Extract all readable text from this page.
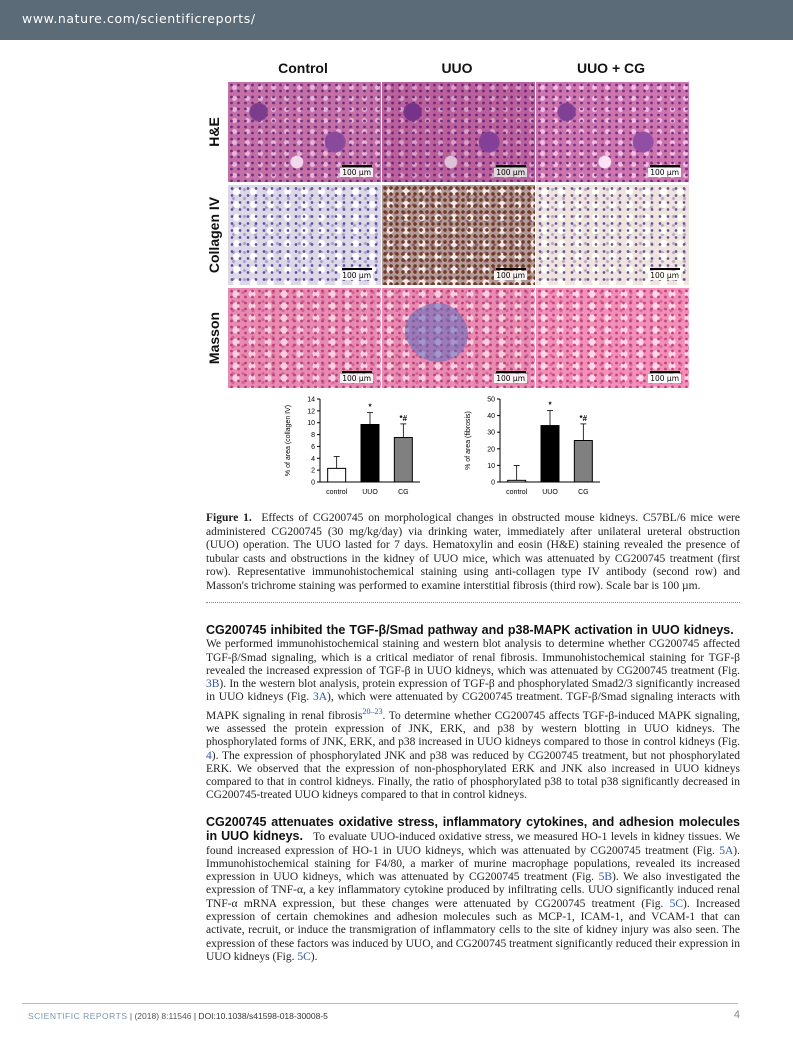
www.nature.com/scientificreports/
Control	UUO	UUO + CG
H&E
Collagen IV
Masson
100 µm	100 µm	100 µm
100 µm	100 µm	100 µm
100 µm	100 µm	100 µm
0
2
4
6
8
10
12
14
% of area (collagen IV)
control
*
UUO
*#
CG
0
10
20
30
40
50
% of area (fibrosis)
control
*
UUO
*#
CG
Figure 1. Effects of CG200745 on morphological changes in obstructed mouse kidneys. C57BL/6 mice were administered CG200745 (30 mg/kg/day) via drinking water, immediately after unilateral ureteral obstruction (UUO) operation. The UUO lasted for 7 days. Hematoxylin and eosin (H&E) staining revealed the presence of tubular casts and obstructions in the kidney of UUO mice, which was attenuated by CG200745 treatment (first row). Representative immunohistochemical staining using anti-collagen type IV antibody (second row) and Masson's trichrome staining was performed to examine interstitial fibrosis (third row). Scale bar is 100 µm.
CG200745 inhibited the TGF-β/Smad pathway and p38-MAPK activation in UUO kidneys.   We performed immunohistochemical staining and western blot analysis to determine whether CG200745 affected TGF-β/Smad signaling, which is a critical mediator of renal fibrosis. Immunohistochemical staining for TGF-β revealed the increased expression of TGF-β in UUO kidneys, which was attenuated by CG200745 treatment (Fig. 3B). In the western blot analysis, protein expression of TGF-β and phosphorylated Smad2/3 significantly increased in UUO kidneys (Fig. 3A), which were attenuated by CG200745 treatment. TGF-β/Smad signaling interacts with MAPK signaling in renal fibrosis$^{20-23}$. To determine whether CG200745 affects TGF-β-induced MAPK signaling, we assessed the protein expression of JNK, ERK, and p38 by western blotting in UUO kidneys. The phosphorylated forms of JNK, ERK, and p38 increased in UUO kidneys compared to those in control kidneys (Fig. 4). The expression of phosphorylated JNK and p38 was reduced by CG200745 treatment, but not phosphorylated ERK. We observed that the expression of non-phosphorylated ERK and JNK also increased in UUO kidneys compared to that in control kidneys. Finally, the ratio of phosphorylated p38 to total p38 significantly decreased in CG200745-treated UUO kidneys compared to that in control kidneys.
CG200745 attenuates oxidative stress, inflammatory cytokines, and adhesion molecules in UUO kidneys. To evaluate UUO-induced oxidative stress, we measured HO-1 levels in kidney tissues. We found increased expression of HO-1 in UUO kidneys, which was attenuated by CG200745 treatment (Fig. 5A). Immunohistochemical staining for F4/80, a marker of murine macrophage populations, revealed its increased expression in UUO kidneys, which was attenuated by CG200745 treatment (Fig. 5B). We also investigated the expression of TNF-α, a key inflammatory cytokine produced by infiltrating cells. UUO significantly induced renal TNF-α mRNA expression, but these changes were attenuated by CG200745 treatment (Fig. 5C). Increased expression of certain chemokines and adhesion molecules such as MCP-1, ICAM-1, and VCAM-1 that can activate, recruit, or induce the transmigration of inflammatory cells to the site of kidney injury was also seen. The expression of these factors was induced by UUO, and CG200745 treatment significantly reduced their expression in UUO kidneys (Fig. 5C).
SCIENTIFIC REPORTS | (2018) 8:11546 | DOI:10.1038/s41598-018-30008-5	4
